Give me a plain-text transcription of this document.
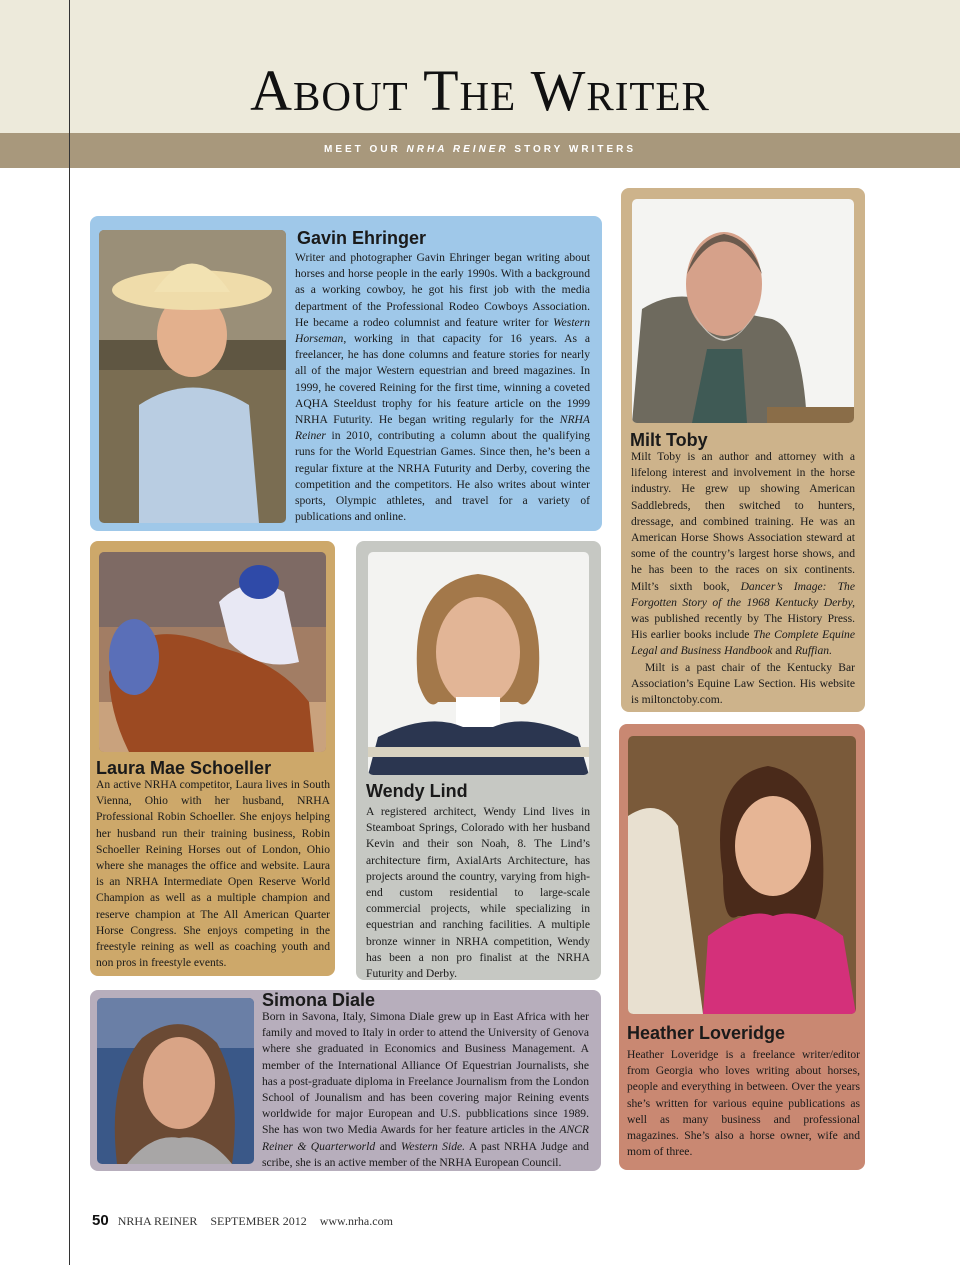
About The Writer
MEET OUR NRHA REINER STORY WRITERS
Gavin Ehringer
Writer and photographer Gavin Ehringer began writing about horses and horse people in the early 1990s. With a background as a working cowboy, he got his first job with the media department of the Professional Rodeo Cowboys Association. He became a rodeo columnist and feature writer for Western Horseman, working in that capacity for 16 years. As a freelancer, he has done columns and feature stories for nearly all of the major Western equestrian and breed magazines. In 1999, he covered Reining for the first time, winning a coveted AQHA Steeldust trophy for his feature article on the 1999 NRHA Futurity. He began writing regularly for the NRHA Reiner in 2010, contributing a column about the qualifying runs for the World Equestrian Games. Since then, he’s been a regular fixture at the NRHA Futurity and Derby, covering the competition and the competitors. He also writes about winter sports, Olympic athletes, and travel for a variety of publications and online.
Milt Toby
Milt Toby is an author and attorney with a lifelong interest and involvement in the horse industry. He grew up showing American Saddlebreds, then switched to hunters, dressage, and combined training. He was an American Horse Shows Association steward at some of the country’s largest horse shows, and he has been to the races on six continents. Milt’s sixth book, Dancer’s Image: The Forgotten Story of the 1968 Kentucky Derby, was published recently by The History Press. His earlier books include The Complete Equine Legal and Business Handbook and Ruffian.
Milt is a past chair of the Kentucky Bar Association’s Equine Law Section. His website is miltonctoby.com.
Laura Mae Schoeller
An active NRHA competitor, Laura lives in South Vienna, Ohio with her husband, NRHA Professional Robin Schoeller. She enjoys helping her husband run their training business, Robin Schoeller Reining Horses out of London, Ohio where she manages the office and website. Laura is an NRHA Intermediate Open Reserve World Champion as well as a multiple champion and reserve champion at The All American Quarter Horse Congress. She enjoys competing in the freestyle reining as well as coaching youth and non pros in freestyle events.
Wendy Lind
A registered architect, Wendy Lind lives in Steamboat Springs, Colorado with her husband Kevin and their son Noah, 8. The Lind’s architecture firm, AxialArts Architecture, has projects around the country, varying from high-end custom residential to large-scale commercial projects, while specializing in equestrian and ranching facilities. A multiple bronze winner in NRHA competition, Wendy has been a non pro finalist at the NRHA Futurity and Derby.
Simona Diale
Born in Savona, Italy, Simona Diale grew up in East Africa with her family and moved to Italy in order to attend the University of Genova where she graduated in Economics and Business Management. A member of the International Alliance Of Equestrian Journalists, she has a post-graduate diploma in Freelance Journalism from the London School of Jounalism and has been covering major Reining events worldwide for major European and U.S. pubblications since 1989. She has won two Media Awards for her feature articles in the ANCR Reiner & Quarterworld and Western Side. A past NRHA Judge and scribe, she is an active member of the NRHA European Council.
Heather Loveridge
Heather Loveridge is a freelance writer/editor from Georgia who loves writing about horses, people and everything in between. Over the years she’s written for various equine publications as well as many business and professional magazines. She’s also a horse owner, wife and mom of three.
50 NRHA REINER SEPTEMBER 2012 www.nrha.com
